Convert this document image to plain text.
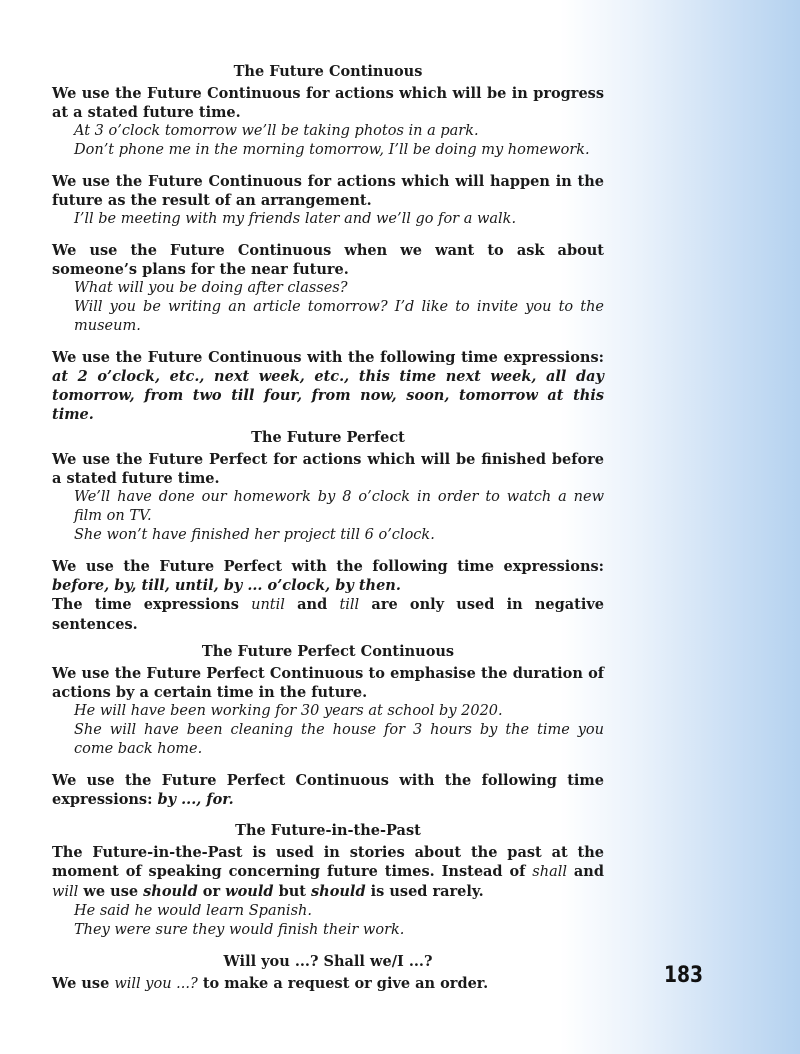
The Future Continuous

We use the Future Continuous for actions which will be in progress at a stated future time.

At 3 o’clock tomorrow we’ll be taking photos in a park.

Don’t phone me in the morning tomorrow, I’ll be doing my homework.

We use the Future Continuous for actions which will happen in the future as the result of an arrangement.

I’ll be meeting with my friends later and we’ll go for a walk.

We use the Future Continuous when we want to ask about someone’s plans for the near future.

What will you be doing after classes?

Will you be writing an article tomorrow? I’d like to invite you to the museum.

We use the Future Continuous with the following time expressions: at 2 o’clock, etc., next week, etc., this time next week, all day tomorrow, from two till four, from now, soon, tomorrow at this time.

The Future Perfect

We use the Future Perfect for actions which will be finished before a stated future time.

We’ll have done our homework by 8 o’clock in order to watch a new film on TV.

She won’t have finished her project till 6 o’clock.

We use the Future Perfect with the following time expressions: before, by, till, until, by ... o’clock, by then.

The time expressions until and till are only used in negative sentences.

The Future Perfect Continuous

We use the Future Perfect Continuous to emphasise the duration of actions by a certain time in the future.

He will have been working for 30 years at school by 2020.

She will have been cleaning the house for 3 hours by the time you come back home.

We use the Future Perfect Continuous with the following time expressions: by ..., for.

The Future-in-the-Past

The Future-in-the-Past is used in stories about the past at the moment of speaking concerning future times. Instead of shall and will we use should or would but should is used rarely.

He said he would learn Spanish.

They were sure they would finish their work.

Will you ...? Shall we/I ...?

We use will you ...? to make a request or give an order.	183
